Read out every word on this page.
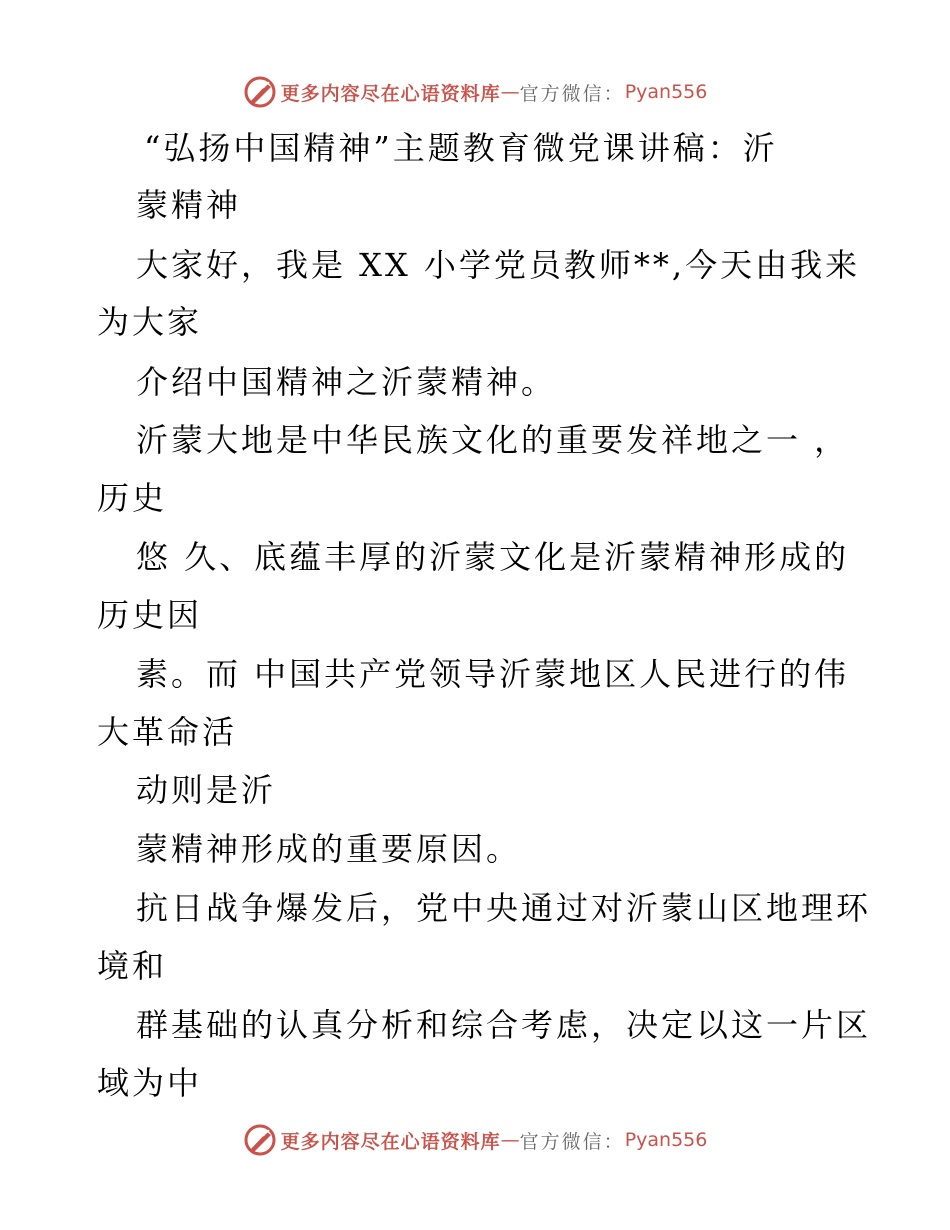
更多内容尽在心语资料库 — 官方微信： Pyan556
“弘扬中国精神”主题教育微党课讲稿：沂
蒙精神
大家好，我是 XX 小学党员教师**,今天由我来
为大家
介绍中国精神之沂蒙精神。
沂蒙大地是中华民族文化的重要发祥地之一 ，
历史
悠 久、底蕴丰厚的沂蒙文化是沂蒙精神形成的
历史因
素。而 中国共产党领导沂蒙地区人民进行的伟
大革命活
动则是沂
蒙精神形成的重要原因。
抗日战争爆发后，党中央通过对沂蒙山区地理环
境和
群基础的认真分析和综合考虑，决定以这一片区
域为中
更多内容尽在心语资料库 — 官方微信： Pyan556
